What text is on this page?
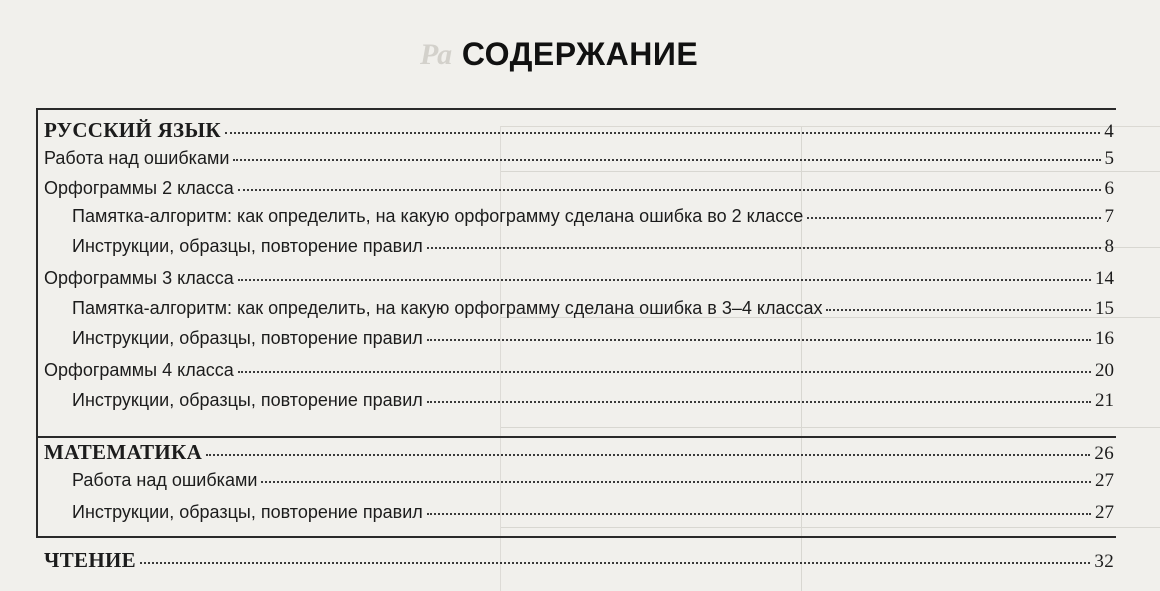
Ра СОДЕРЖАНИЕ
РУССКИЙ ЯЗЫК	4
Работа над ошибками	5
Орфограммы 2 класса	6
Памятка-алгоритм: как определить, на какую орфограмму сделана ошибка во 2 классе	7
Инструкции, образцы, повторение правил	8
Орфограммы 3 класса	14
Памятка-алгоритм: как определить, на какую орфограмму сделана ошибка в 3–4 классах	15
Инструкции, образцы, повторение правил	16
Орфограммы 4 класса	20
Инструкции, образцы, повторение правил	21
МАТЕМАТИКА	26
Работа над ошибками	27
Инструкции, образцы, повторение правил	27
ЧТЕНИЕ	32
